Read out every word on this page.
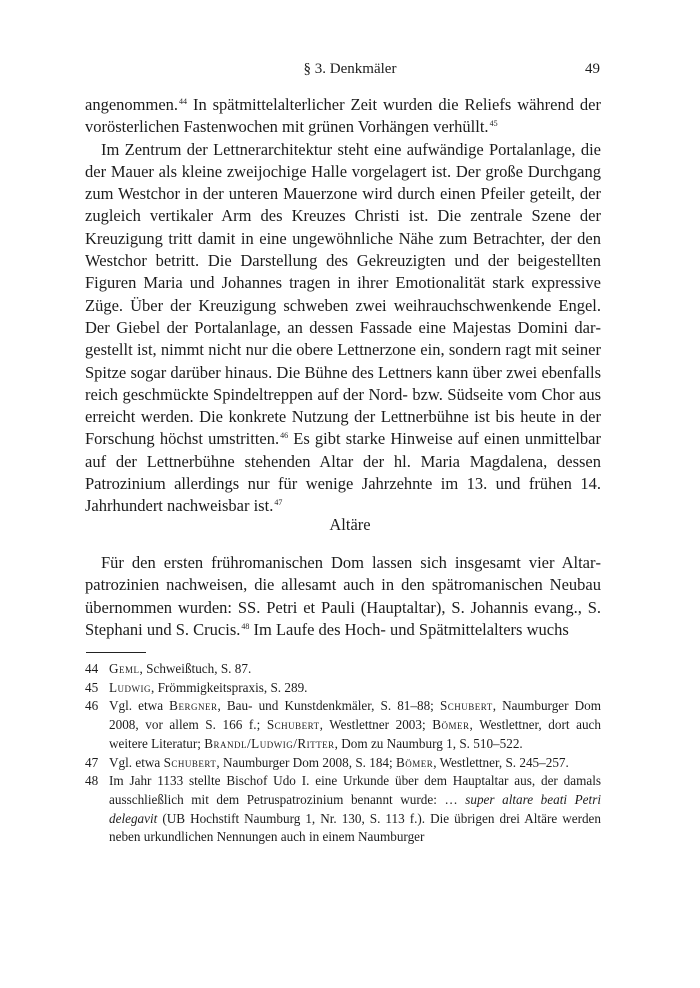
§ 3. Denkmäler	49

angenommen.$^{44}$ In spätmittelalterlicher Zeit wurden die Reliefs während der vorösterlichen Fastenwochen mit grünen Vorhängen verhüllt.$^{45}$

Im Zentrum der Lettnerarchitektur steht eine aufwändige Portalanlage, die der Mauer als kleine zweijochige Halle vorgelagert ist. Der große Durchgang zum Westchor in der unteren Mauerzone wird durch einen Pfeiler geteilt, der zugleich vertikaler Arm des Kreuzes Christi ist. Die zentrale Szene der Kreuzigung tritt damit in eine ungewöhnliche Nähe zum Betrachter, der den Westchor betritt. Die Darstellung des Gekreuzigten und der beigestellten Figuren Maria und Johannes tragen in ihrer Emotionalität stark expressive Züge. Über der Kreuzigung schweben zwei weihrauchschwenkende Engel. Der Giebel der Portalanlage, an dessen Fassade eine Majestas Domini dargestellt ist, nimmt nicht nur die obere Lettnerzone ein, sondern ragt mit seiner Spitze sogar darüber hinaus. Die Bühne des Lettners kann über zwei ebenfalls reich geschmückte Spindeltreppen auf der Nord- bzw. Südseite vom Chor aus erreicht werden. Die konkrete Nutzung der Lettnerbühne ist bis heute in der Forschung höchst umstritten.$^{46}$ Es gibt starke Hinweise auf einen unmittelbar auf der Lettnerbühne stehenden Altar der hl. Maria Magdalena, dessen Patrozinium allerdings nur für wenige Jahrzehnte im 13. und frühen 14. Jahrhundert nachweisbar ist.$^{47}$

Altäre

Für den ersten frühromanischen Dom lassen sich insgesamt vier Altarpatrozinien nachweisen, die allesamt auch in den spätromanischen Neubau übernommen wurden: SS. Petri et Pauli (Hauptaltar), S. Johannis evang., S. Stephani und S. Crucis.$^{48}$ Im Laufe des Hoch- und Spätmittelalters wuchs

44 Geml, Schweißtuch, S. 87.
45 Ludwig, Frömmigkeitspraxis, S. 289.
46 Vgl. etwa Bergner, Bau- und Kunstdenkmäler, S. 81–88; Schubert, Naumburger Dom 2008, vor allem S. 166 f.; Schubert, Westlettner 2003; Bömer, Westlettner, dort auch weitere Literatur; Brandl/Ludwig/Ritter, Dom zu Naumburg 1, S. 510–522.
47 Vgl. etwa Schubert, Naumburger Dom 2008, S. 184; Bömer, Westlettner, S. 245–257.
48 Im Jahr 1133 stellte Bischof Udo I. eine Urkunde über dem Hauptaltar aus, der damals ausschließlich mit dem Petruspatrozinium benannt wurde: … super altare beati Petri delegavit (UB Hochstift Naumburg 1, Nr. 130, S. 113 f.). Die übrigen drei Altäre werden neben urkundlichen Nennungen auch in einem Naumburger
